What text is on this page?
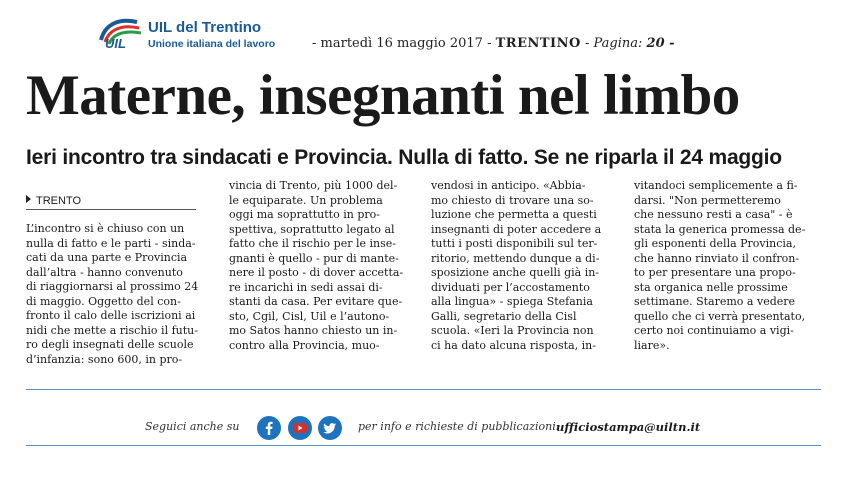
UIL
UIL del Trentino
Unione italiana del lavoro	- martedì 16 maggio 2017 - TRENTINO - Pagina: 20 -
Materne, insegnanti nel limbo
Ieri incontro tra sindacati e Provincia. Nulla di fatto. Se ne riparla il 24 maggio
TRENTO
L’incontro si è chiuso con un
nulla di fatto e le parti - sinda-
cati da una parte e Provincia
dall’altra - hanno convenuto
di riaggiornarsi al prossimo 24
di maggio. Oggetto del con-
fronto il calo delle iscrizioni ai
nidi che mette a rischio il futu-
ro degli insegnati delle scuole
d’infanzia: sono 600, in pro-
vincia di Trento, più 1000 del-
le equiparate. Un problema
oggi ma soprattutto in pro-
spettiva, soprattutto legato al
fatto che il rischio per le inse-
gnanti è quello - pur di mante-
nere il posto - di dover accetta-
re incarichi in sedi assai di-
stanti da casa. Per evitare que-
sto, Cgil, Cisl, Uil e l’autono-
mo Satos hanno chiesto un in-
contro alla Provincia, muo-
vendosi in anticipo. «Abbia-
mo chiesto di trovare una so-
luzione che permetta a questi
insegnanti di poter accedere a
tutti i posti disponibili sul ter-
ritorio, mettendo dunque a di-
sposizione anche quelli già in-
dividuati per l’accostamento
alla lingua» - spiega Stefania
Galli, segretario della Cisl
scuola. «Ieri la Provincia non
ci ha dato alcuna risposta, in-
vitandoci semplicemente a fi-
darsi. "Non permetteremo
che nessuno resti a casa" - è
stata la generica promessa de-
gli esponenti della Provincia,
che hanno rinviato il confron-
to per presentare una propo-
sta organica nelle prossime
settimane. Staremo a vedere
quello che ci verrà presentato,
certo noi continuiamo a vigi-
liare».
Seguici anche su	per info e richieste di pubblicazioni:
ufficiostampa@uiltn.it
